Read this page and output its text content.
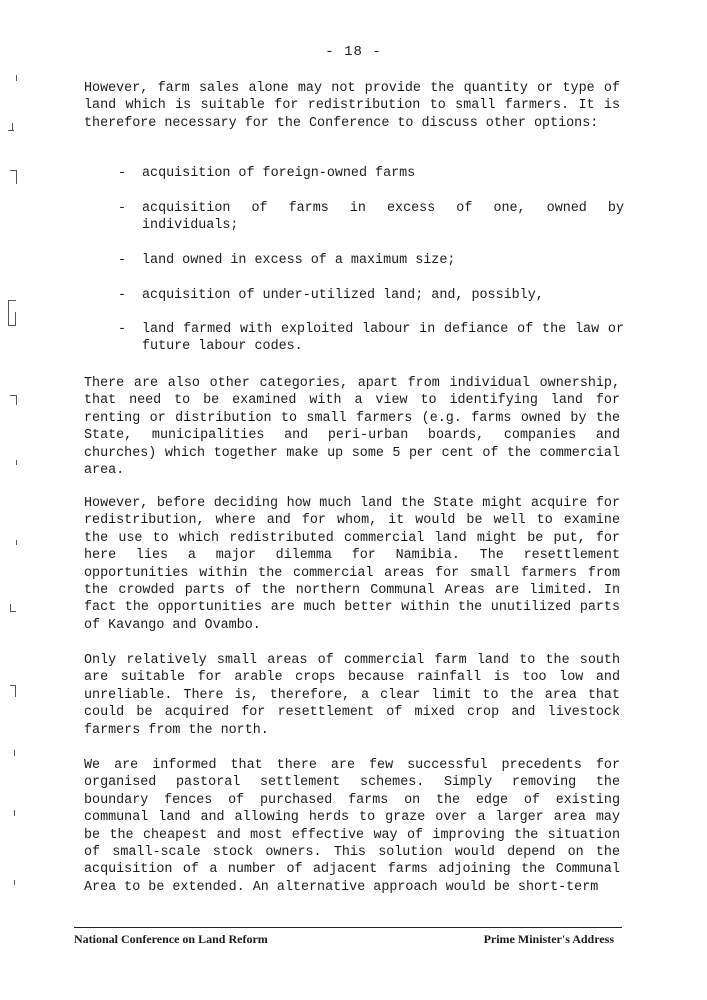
- 18 -

However, farm sales alone may not provide the quantity or type of land which is suitable for redistribution to small farmers. It is therefore necessary for the Conference to discuss other options:

-	acquisition of foreign-owned farms
-	acquisition of farms in excess of one, owned by individuals;
-	land owned in excess of a maximum size;
-	acquisition of under-utilized land; and, possibly,
-	land farmed with exploited labour in defiance of the law or future labour codes.

There are also other categories, apart from individual ownership, that need to be examined with a view to identifying land for renting or distribution to small farmers (e.g. farms owned by the State, municipalities and peri-urban boards, companies and churches) which together make up some 5 per cent of the commercial area.

However, before deciding how much land the State might acquire for redistribution, where and for whom, it would be well to examine the use to which redistributed commercial land might be put, for here lies a major dilemma for Namibia. The resettlement opportunities within the commercial areas for small farmers from the crowded parts of the northern Communal Areas are limited. In fact the opportunities are much better within the unutilized parts of Kavango and Ovambo.

Only relatively small areas of commercial farm land to the south are suitable for arable crops because rainfall is too low and unreliable. There is, therefore, a clear limit to the area that could be acquired for resettlement of mixed crop and livestock farmers from the north.

We are informed that there are few successful precedents for organised pastoral settlement schemes. Simply removing the boundary fences of purchased farms on the edge of existing communal land and allowing herds to graze over a larger area may be the cheapest and most effective way of improving the situation of small-scale stock owners. This solution would depend on the acquisition of a number of adjacent farms adjoining the Communal Area to be extended. An alternative approach would be short-term

National Conference on Land Reform	Prime Minister's Address
